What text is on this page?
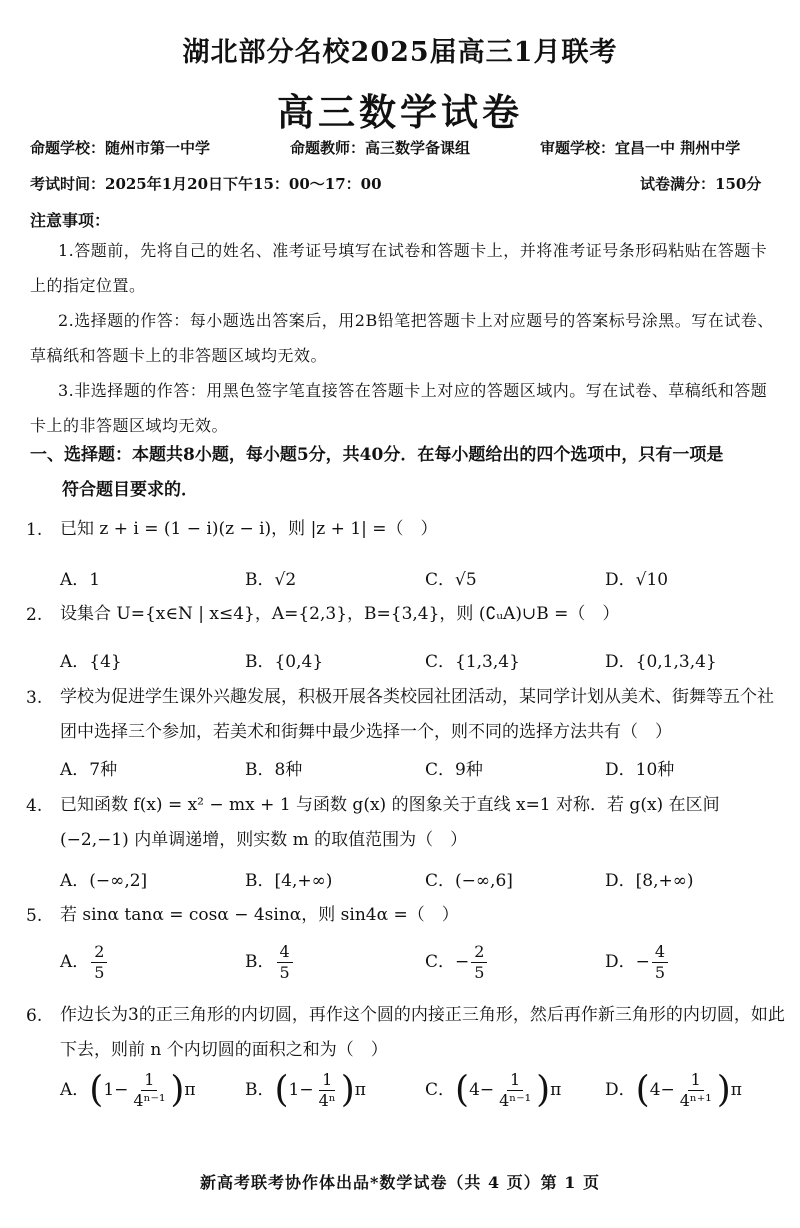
湖北部分名校2025届高三1月联考
高三数学试卷
命题学校：随州市第一中学	命题教师：高三数学备课组	审题学校：宜昌一中 荆州中学
考试时间：2025年1月20日下午15：00～17：00	试卷满分：150分
注意事项：
1.答题前，先将自己的姓名、准考证号填写在试卷和答题卡上，并将准考证号条形码粘贴在答题卡上的指定位置。
2.选择题的作答：每小题选出答案后，用2B铅笔把答题卡上对应题号的答案标号涂黑。写在试卷、草稿纸和答题卡上的非答题区域均无效。
3.非选择题的作答：用黑色签字笔直接答在答题卡上对应的答题区域内。写在试卷、草稿纸和答题卡上的非答题区域均无效。
一、选择题：本题共8小题，每小题5分，共40分．在每小题给出的四个选项中，只有一项是
符合题目要求的．
1. 已知 z + i = (1 − i)(z − i)，则 |z + 1| =（　）
A．1	B．√2	C．√5	D．√10
2. 设集合 U={x∈N | x≤4}，A={2,3}，B={3,4}，则 (∁ᵤA)∪B =（　）
A．{4}	B．{0,4}	C．{1,3,4}	D．{0,1,3,4}
3. 学校为促进学生课外兴趣发展，积极开展各类校园社团活动，某同学计划从美术、街舞等五个社团中选择三个参加，若美术和街舞中最少选择一个，则不同的选择方法共有（　）
A．7种	B．8种	C．9种	D．10种
4. 已知函数 f(x) = x² − mx + 1 与函数 g(x) 的图象关于直线 x=1 对称．若 g(x) 在区间 (−2,−1) 内单调递增，则实数 m 的取值范围为（　）
A．(−∞,2]	B．[4,+∞)	C．(−∞,6]	D．[8,+∞)
5. 若 sinα tanα = cosα − 4sinα，则 sin4α =（　）
A． $\frac{2}{5}$	B． $\frac{4}{5}$	C．− $\frac{2}{5}$	D．− $\frac{4}{5}$
6. 作边长为3的正三角形的内切圆，再作这个圆的内接正三角形，然后再作新三角形的内切圆，如此下去，则前 n 个内切圆的面积之和为（　）
A．$(1- \frac{1}{\text{4ⁿ⁻¹}} )\pi$	B．$(1- \frac{1}{\text{4ⁿ}} )\pi$	C．$(4- \frac{1}{\text{4ⁿ⁻¹}} )\pi$	D．$(4- \frac{1}{\text{4ⁿ⁺¹}} )\pi$
新高考联考协作体出品*数学试卷（共 4 页）第 1 页
